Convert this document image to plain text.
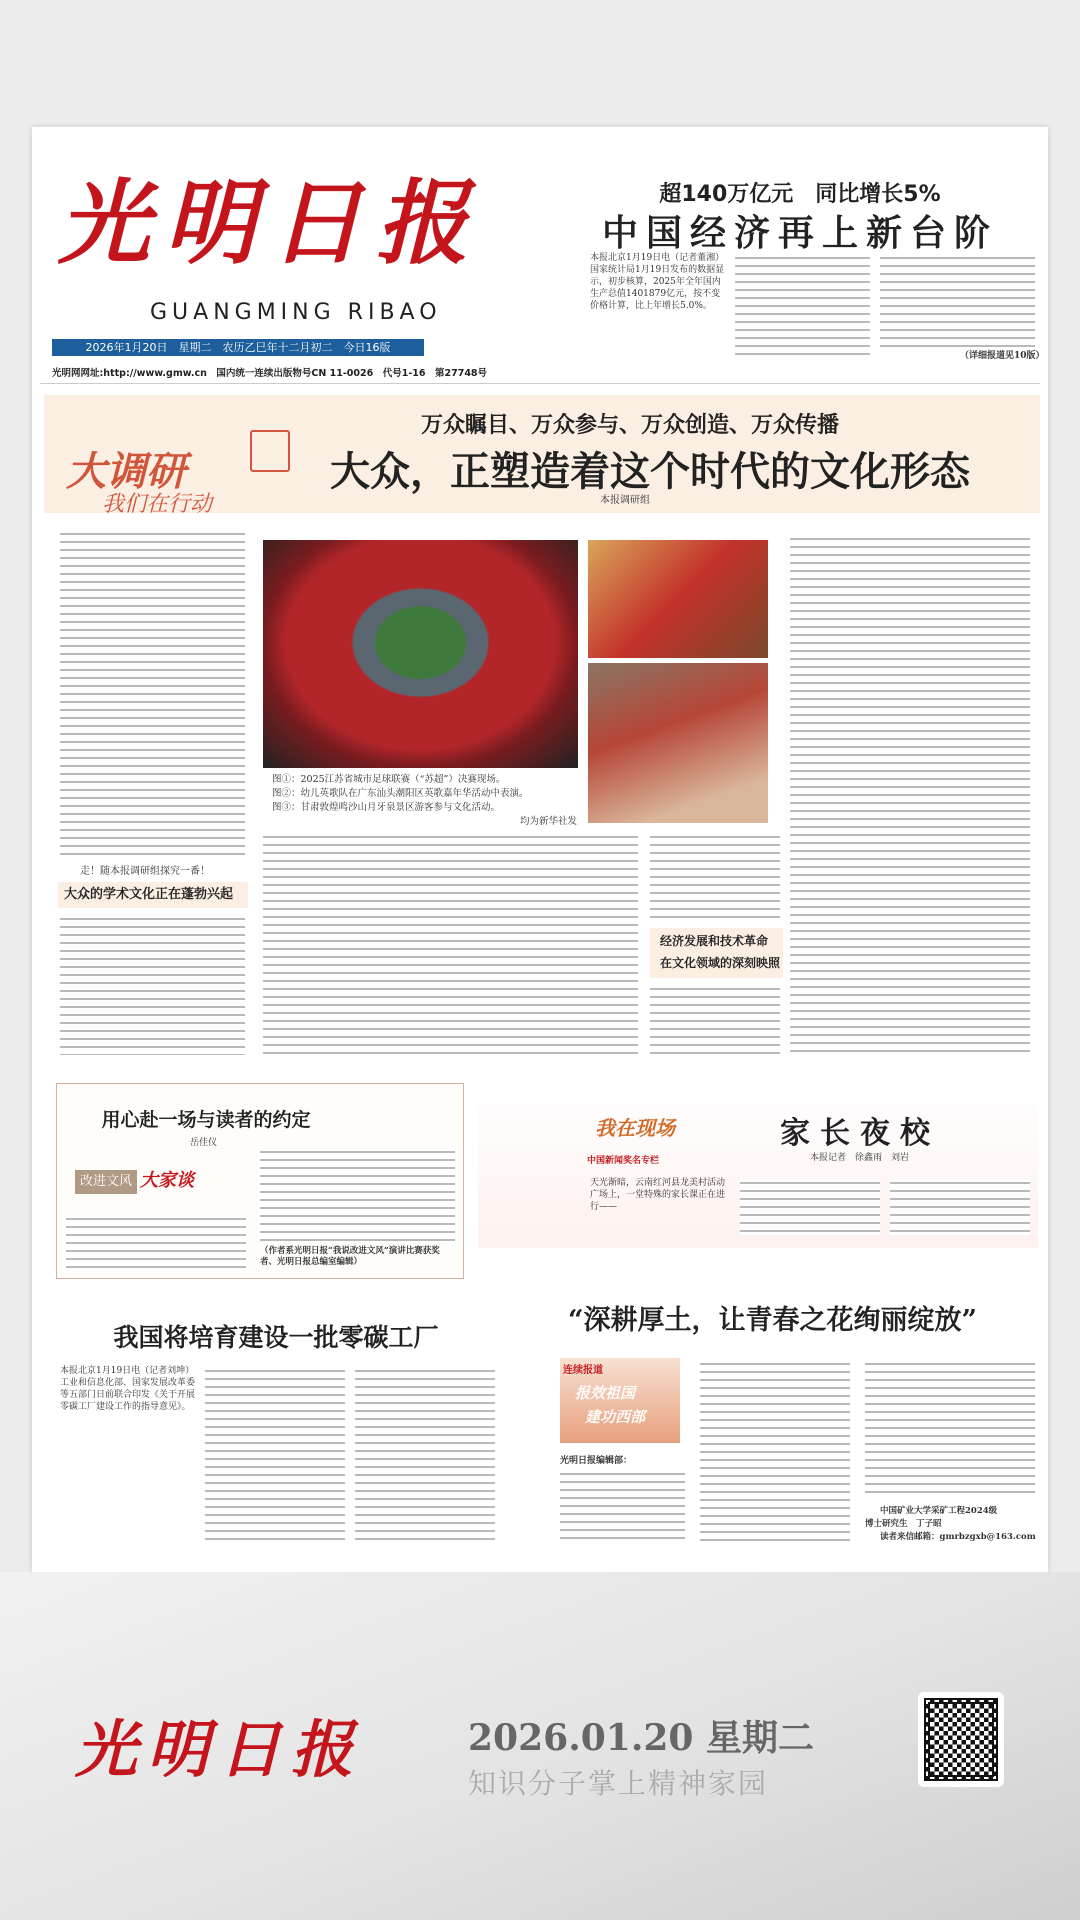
光明日报
GUANGMING RIBAO
2026年1月20日　星期二　农历乙巳年十二月初二　今日16版
光明网网址:http://www.gmw.cn　国内统一连续出版物号CN 11-0026　代号1-16　第27748号
超140万亿元　同比增长5%
中国经济再上新台阶
本报北京1月19日电（记者董湘）国家统计局1月19日发布的数据显示，初步核算，2025年全年国内生产总值1401879亿元，按不变价格计算，比上年增长5.0%。
（详细报道见10版）
大调研
我们在行动
万众瞩目、万众参与、万众创造、万众传播
大众，正塑造着这个时代的文化形态
本报调研组
走！随本报调研组探究一番！
大众的学术文化正在蓬勃兴起
图①：2025江苏省城市足球联赛（“苏超”）决赛现场。
图②：幼儿英歌队在广东汕头潮阳区英歌嘉年华活动中表演。
图③：甘肃敦煌鸣沙山月牙泉景区游客参与文化活动。
均为新华社发
经济发展和技术革命
在文化领域的深刻映照
用心赴一场与读者的约定
岳佳仪
改进文风 大家谈
（作者系光明日报“我说改进文风”演讲比赛获奖者、光明日报总编室编辑）
我在现场
中国新闻奖名专栏
家长夜校
本报记者　徐鑫雨　刘岩
天光渐暗，云南红河县龙美村活动广场上，一堂特殊的家长课正在进行——
我国将培育建设一批零碳工厂
本报北京1月19日电（记者刘坤）工业和信息化部、国家发展改革委等五部门日前联合印发《关于开展零碳工厂建设工作的指导意见》。
“深耕厚土，让青春之花绚丽绽放”
连续报道
报效祖国
建功西部
光明日报编辑部：
中国矿业大学采矿工程2024级
博士研究生　丁子昭
读者来信邮箱：gmrbzgxb@163.com
光明日报	2026.01.20 星期二
知识分子掌上精神家园
